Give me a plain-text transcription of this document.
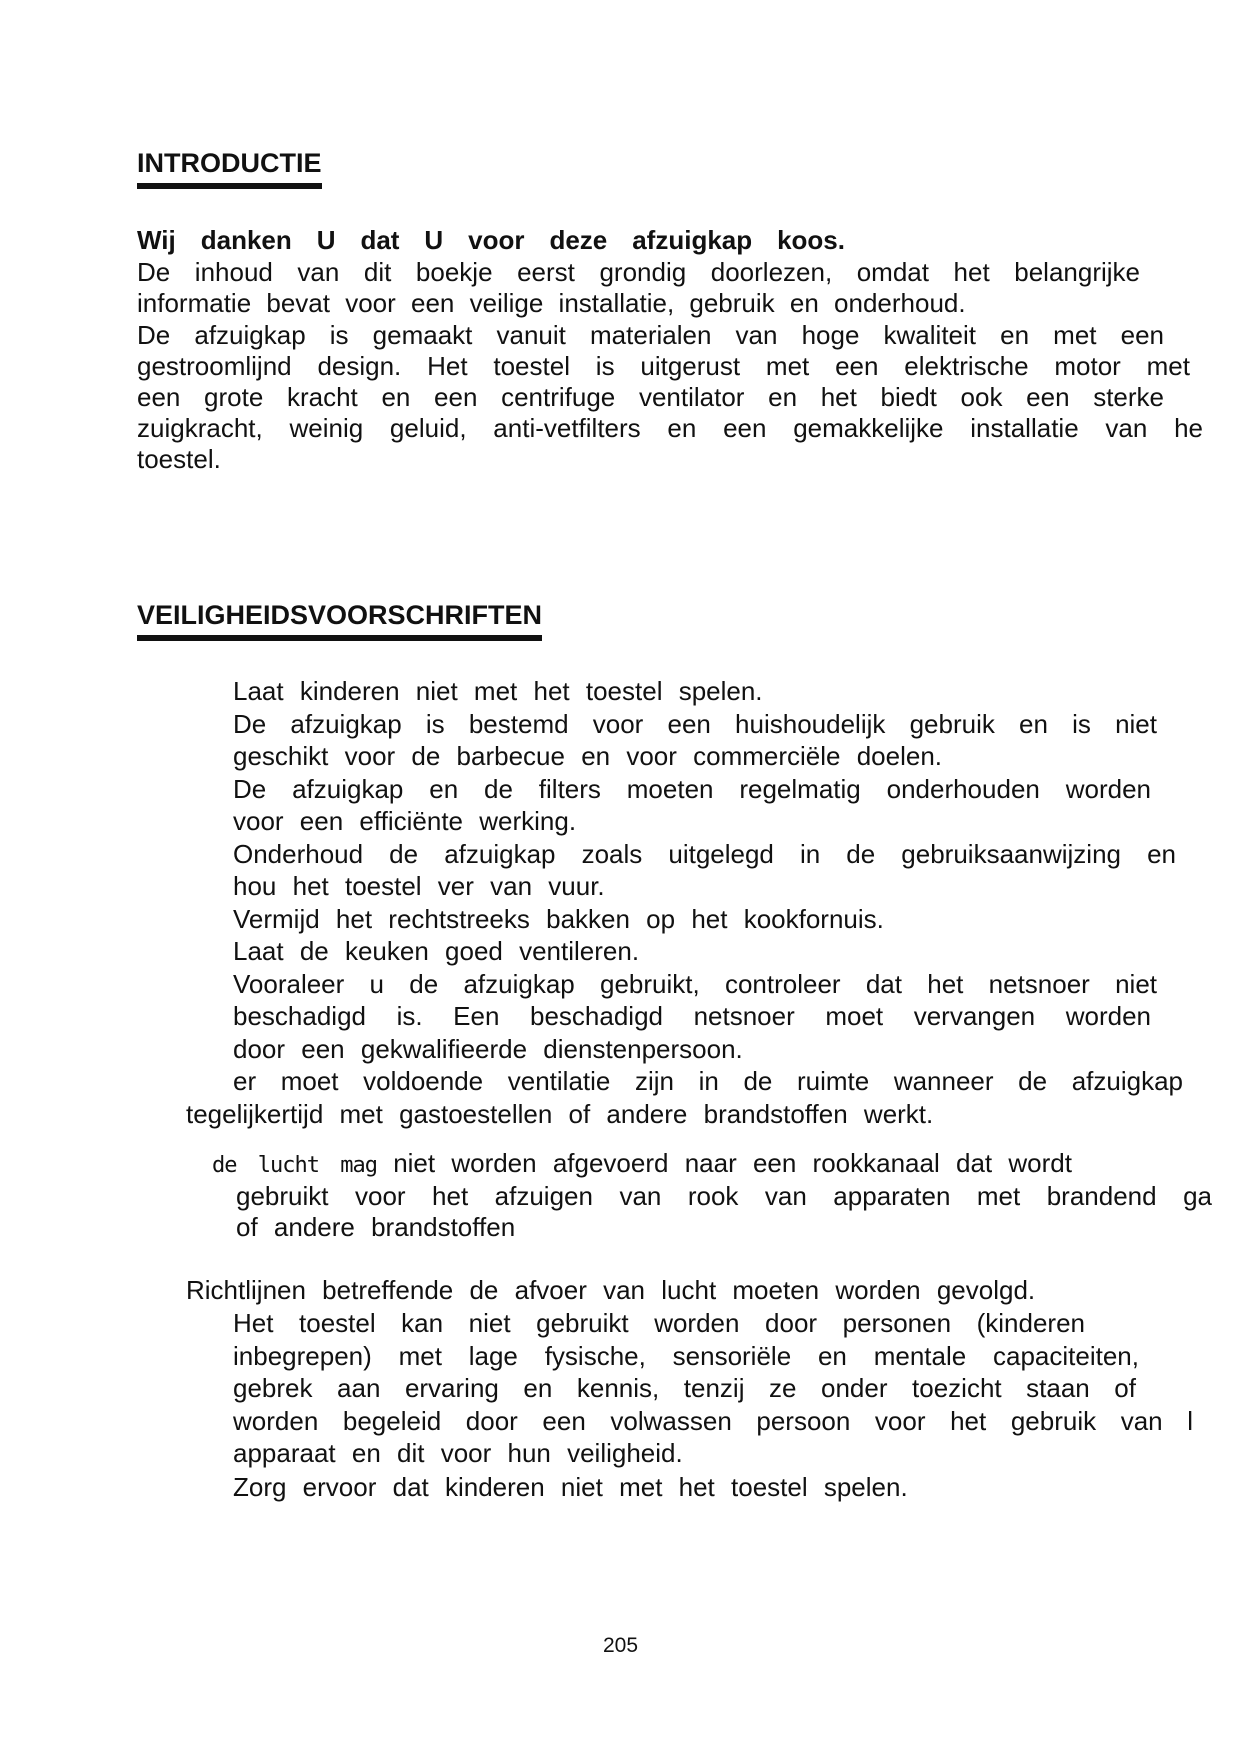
INTRODUCTIE

Wij danken U dat U voor deze afzuigkap koos.

De inhoud van dit boekje eerst grondig doorlezen, omdat het belangrijke
informatie bevat voor een veilige installatie, gebruik en onderhoud.

De afzuigkap is gemaakt vanuit materialen van hoge kwaliteit en met een
gestroomlijnd design. Het toestel is uitgerust met een elektrische motor met
een grote kracht en een centrifuge ventilator en het biedt ook een sterke
zuigkracht, weinig geluid, anti-vetfilters en een gemakkelijke installatie van he
toestel.

VEILIGHEIDSVOORSCHRIFTEN

Laat kinderen niet met het toestel spelen.

De afzuigkap is bestemd voor een huishoudelijk gebruik en is niet
geschikt voor de barbecue en voor commerciële doelen.

De afzuigkap en de filters moeten regelmatig onderhouden worden
voor een efficiënte werking.

Onderhoud de afzuigkap zoals uitgelegd in de gebruiksaanwijzing en
hou het toestel ver van vuur.

Vermijd het rechtstreeks bakken op het kookfornuis.

Laat de keuken goed ventileren.

Vooraleer u de afzuigkap gebruikt, controleer dat het netsnoer niet
beschadigd is. Een beschadigd netsnoer moet vervangen worden
door een gekwalifieerde dienstenpersoon.

er moet voldoende ventilatie zijn in de ruimte wanneer de afzuigkap

tegelijkertijd met gastoestellen of andere brandstoffen werkt.
de lucht mag niet worden afgevoerd naar een rookkanaal dat wordt
gebruikt voor het afzuigen van rook van apparaten met brandend ga
of andere brandstoffen
Richtlijnen betreffende de afvoer van lucht moeten worden gevolgd.
Het toestel kan niet gebruikt worden door personen (kinderen
inbegrepen) met lage fysische, sensoriële en mentale capaciteiten,
gebrek aan ervaring en kennis, tenzij ze onder toezicht staan of
worden begeleid door een volwassen persoon voor het gebruik van l
apparaat en dit voor hun veiligheid.
Zorg ervoor dat kinderen niet met het toestel spelen.
205
